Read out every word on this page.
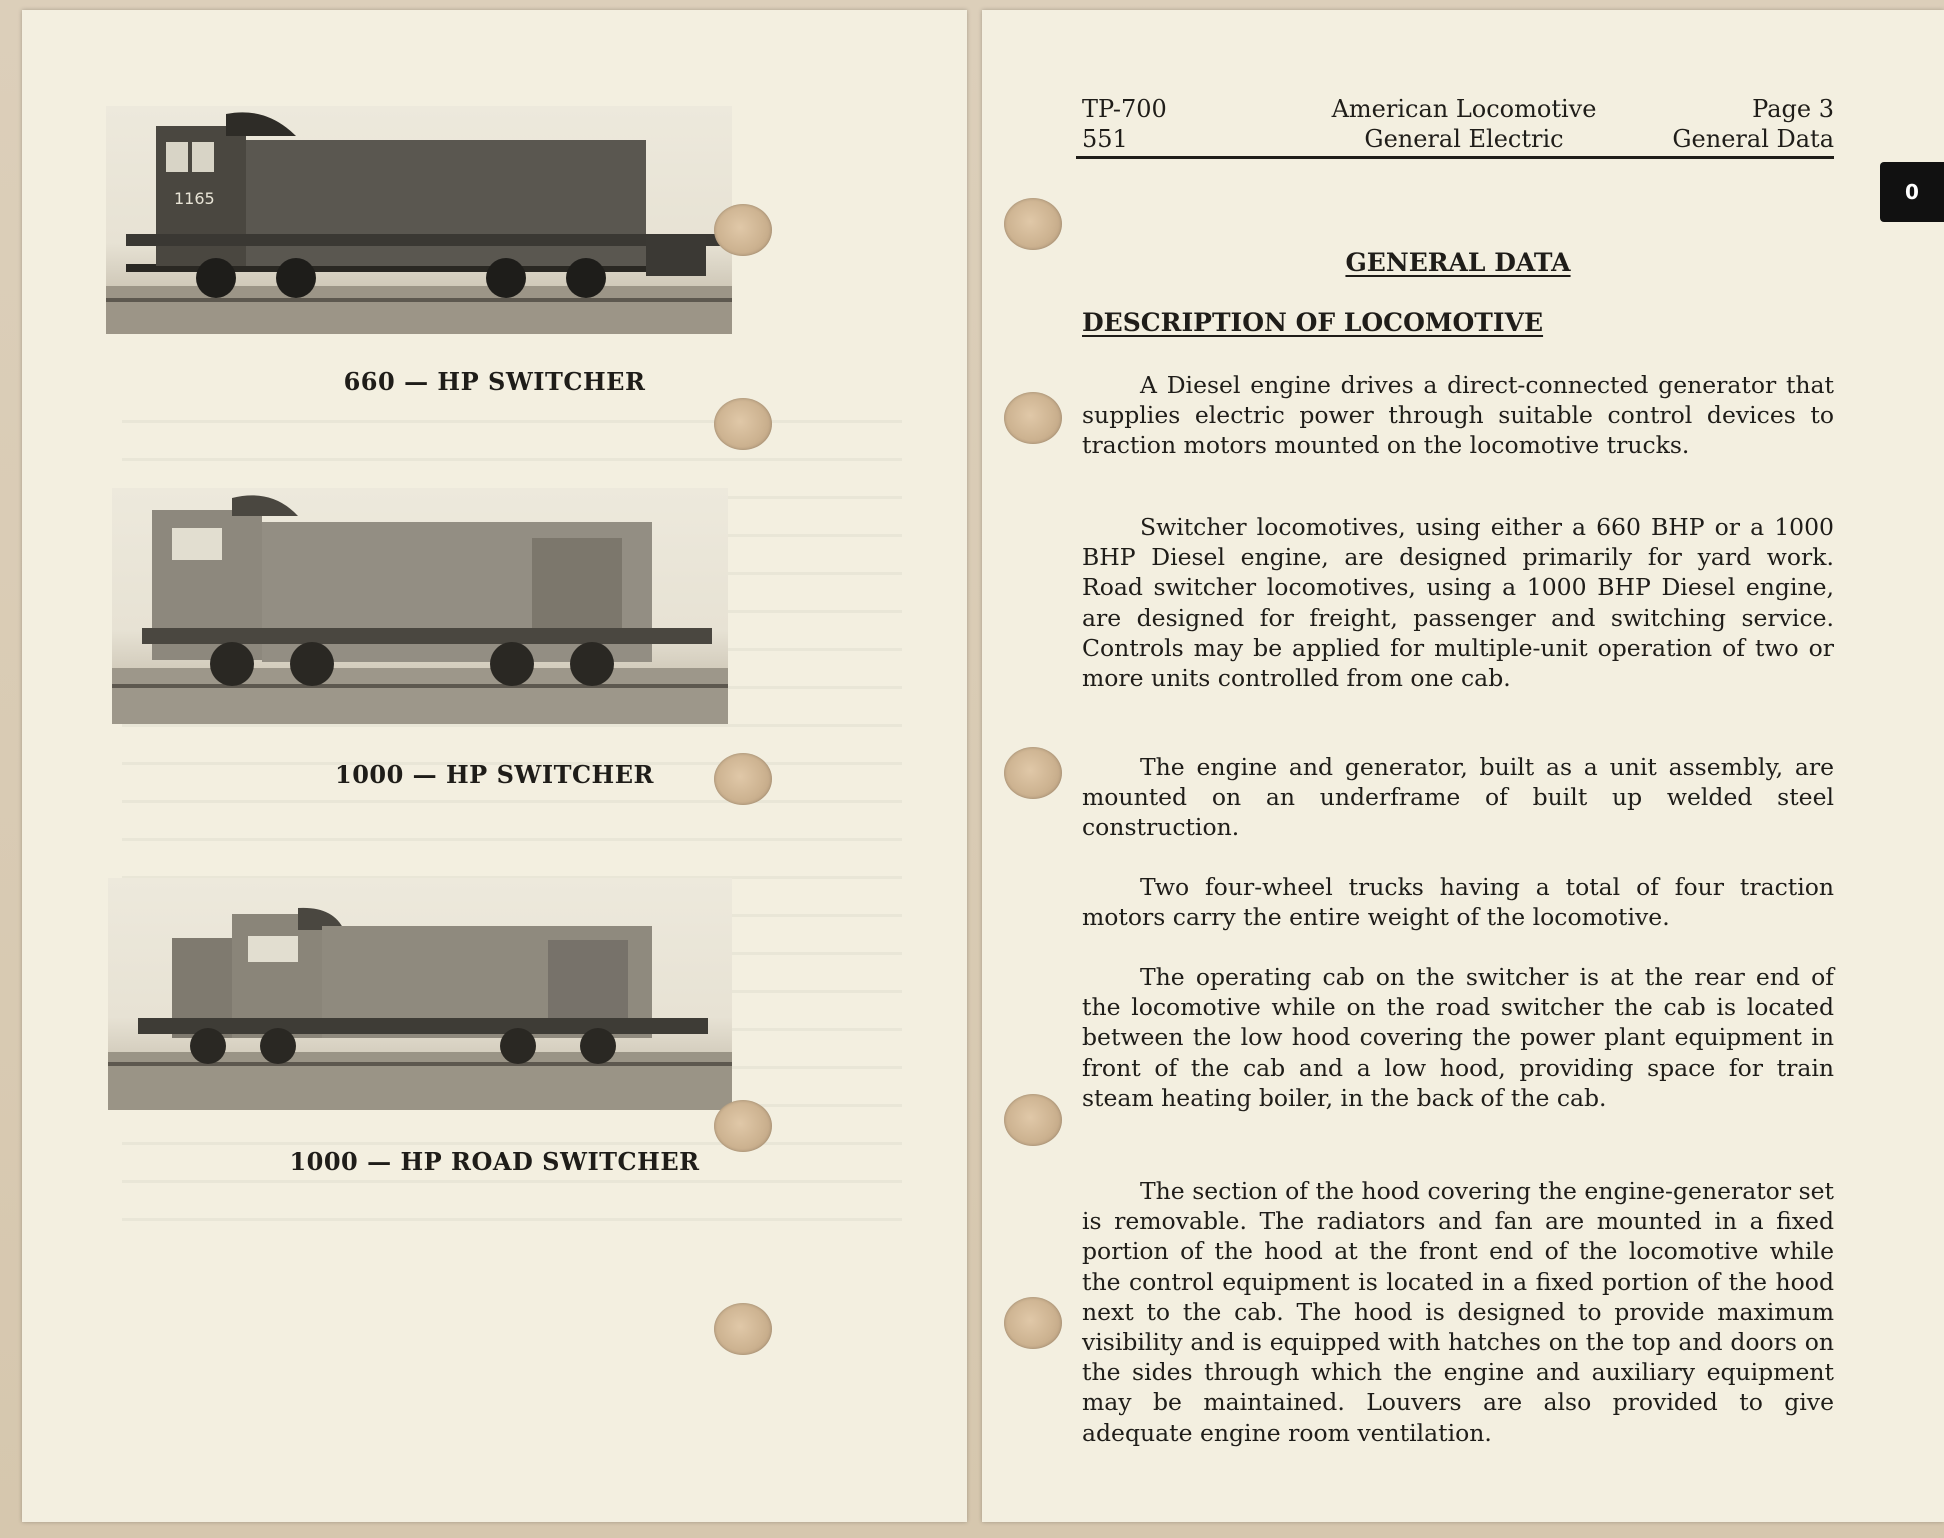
1165
660 — HP SWITCHER
1000 — HP SWITCHER
1000 — HP ROAD SWITCHER
TP-700
551
American Locomotive
General Electric
Page 3
General Data
0
GENERAL DATA
DESCRIPTION OF LOCOMOTIVE

A Diesel engine drives a direct-connected generator that supplies electric power through suitable control devices to traction motors mounted on the locomotive trucks.

Switcher locomotives, using either a 660 BHP or a 1000 BHP Diesel engine, are designed primarily for yard work. Road switcher locomotives, using a 1000 BHP Diesel engine, are designed for freight, passenger and switching service. Controls may be applied for multiple-unit operation of two or more units controlled from one cab.

The engine and generator, built as a unit assembly, are mounted on an underframe of built up welded steel construction.

Two four-wheel trucks having a total of four traction motors carry the entire weight of the locomotive.

The operating cab on the switcher is at the rear end of the locomotive while on the road switcher the cab is located between the low hood covering the power plant equipment in front of the cab and a low hood, providing space for train steam heating boiler, in the back of the cab.

The section of the hood covering the engine-generator set is removable. The radiators and fan are mounted in a fixed portion of the hood at the front end of the locomotive while the control equipment is located in a fixed portion of the hood next to the cab. The hood is designed to provide maximum visibility and is equipped with hatches on the top and doors on the sides through which the engine and auxiliary equipment may be maintained. Louvers are also provided to give adequate engine room ventilation.
